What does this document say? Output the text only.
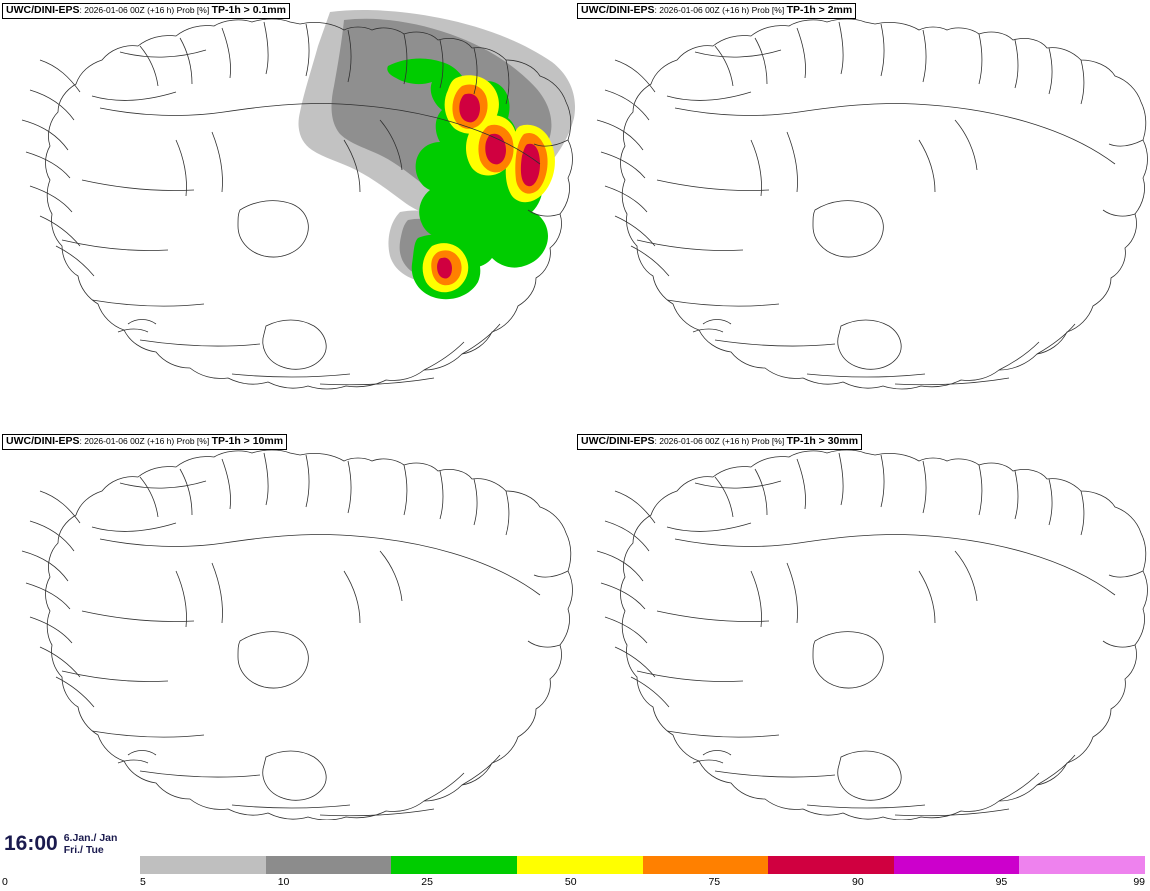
UWC/DINI-EPS: 2026-01-06 00Z (+16 h) Prob [%] TP-1h > 0.1mm	UWC/DINI-EPS: 2026-01-06 00Z (+16 h) Prob [%] TP-1h > 2mm
UWC/DINI-EPS: 2026-01-06 00Z (+16 h) Prob [%] TP-1h > 10mm	UWC/DINI-EPS: 2026-01-06 00Z (+16 h) Prob [%] TP-1h > 30mm
16:00 6.Jan./ Jan
Fri./ Tue
0	5	10	25	50	75	90	95	99
